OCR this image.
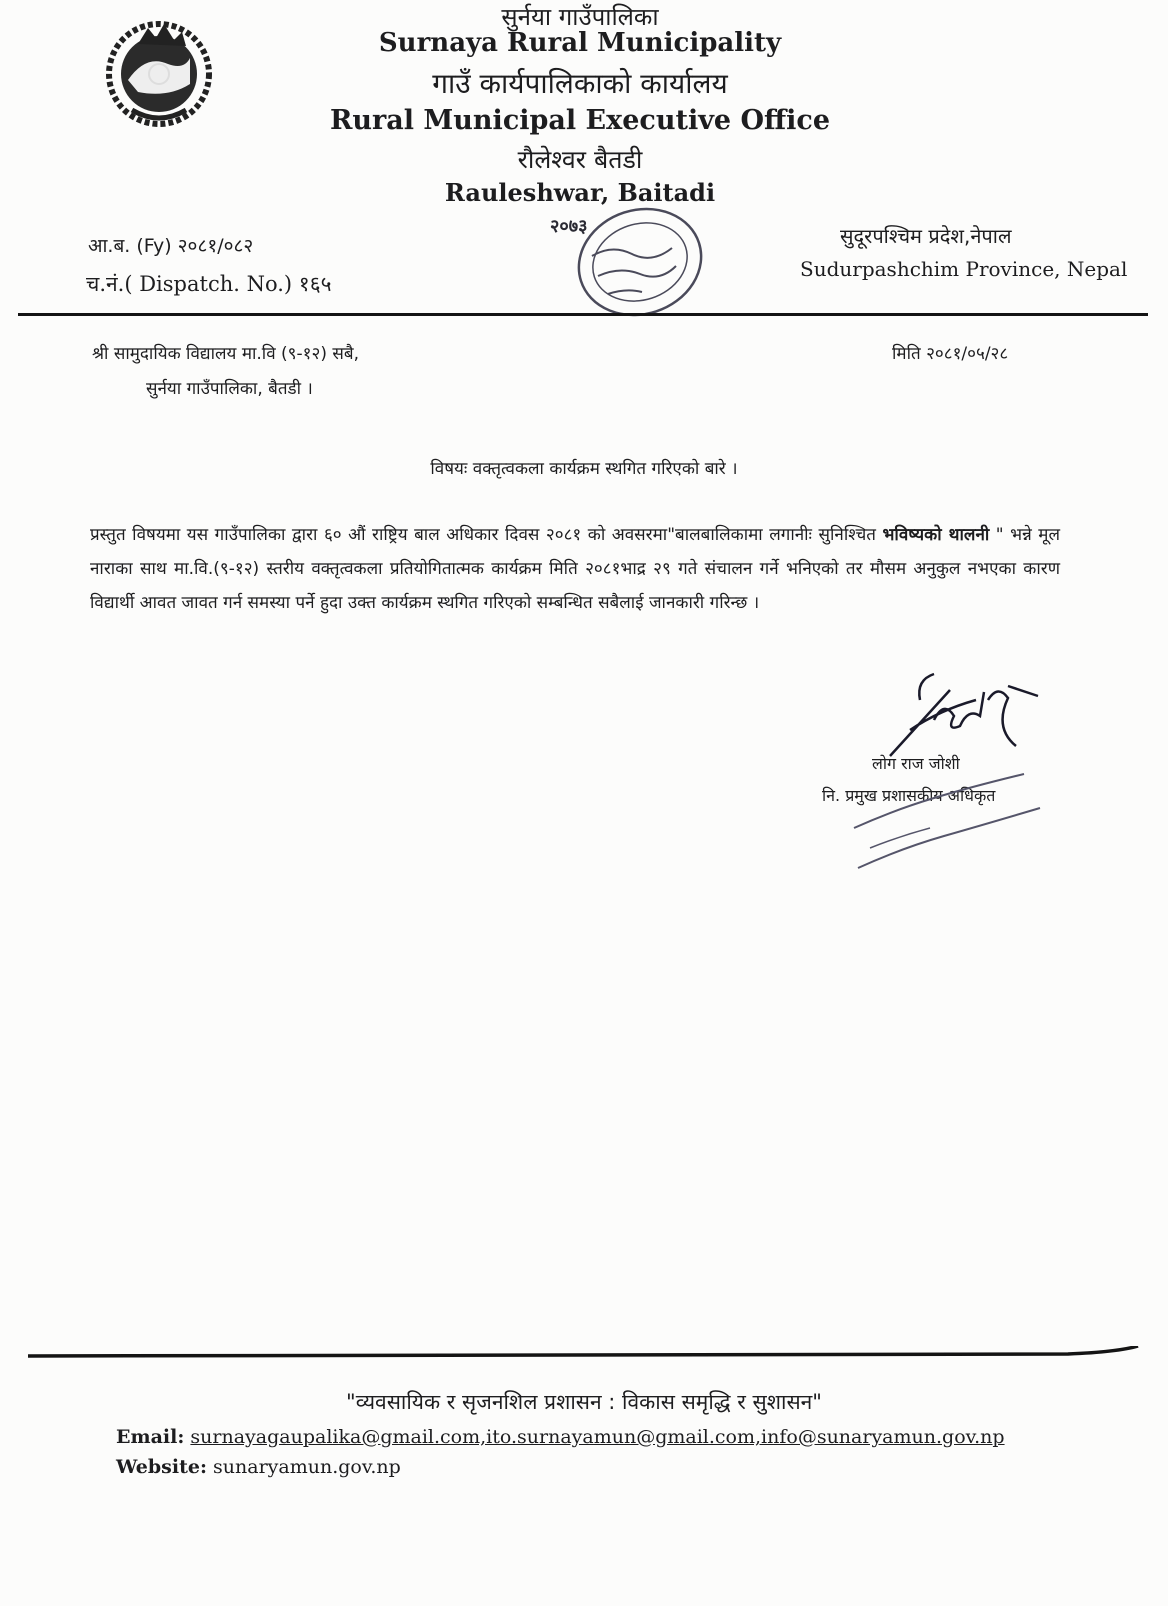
सुर्नया गाउँपालिका
Surnaya Rural Municipality
गाउँ कार्यपालिकाको कार्यालय
Rural Municipal Executive Office
रौलेश्वर बैतडी
Rauleshwar, Baitadi
आ.ब. (Fy) २०८१/०८२
च.नं.( Dispatch. No.) १६५
सुदूरपश्चिम प्रदेश,नेपाल
Sudurpashchim Province, Nepal
२०७३
श्री सामुदायिक विद्यालय मा.वि (९-१२) सबै,
सुर्नया गाउँपालिका, बैतडी ।
मिति २०८१/०५/२८
विषयः वक्तृत्वकला कार्यक्रम स्थगित गरिएको बारे ।
प्रस्तुत विषयमा यस गाउँपालिका द्वारा ६० औं राष्ट्रिय बाल अधिकार दिवस २०८१ को अवसरमा"बालबालिकामा लगानीः सुनिश्चित भविष्यको थालनी " भन्ने मूल नाराका साथ मा.वि.(९-१२) स्तरीय वक्तृत्वकला प्रतियोगितात्मक कार्यक्रम मिति २०८१भाद्र २९ गते संचालन गर्ने भनिएको तर मौसम अनुकुल नभएका कारण विद्यार्थी आवत जावत गर्न समस्या पर्ने हुदा उक्त कार्यक्रम स्थगित गरिएको सम्बन्धित सबैलाई जानकारी गरिन्छ ।
लोग राज जोशी
नि. प्रमुख प्रशासकीय अधिकृत
"व्यवसायिक र सृजनशिल प्रशासन : विकास समृद्धि र सुशासन"
Email: surnayagaupalika@gmail.com,ito.surnayamun@gmail.com,info@sunaryamun.gov.np
Website: sunaryamun.gov.np
